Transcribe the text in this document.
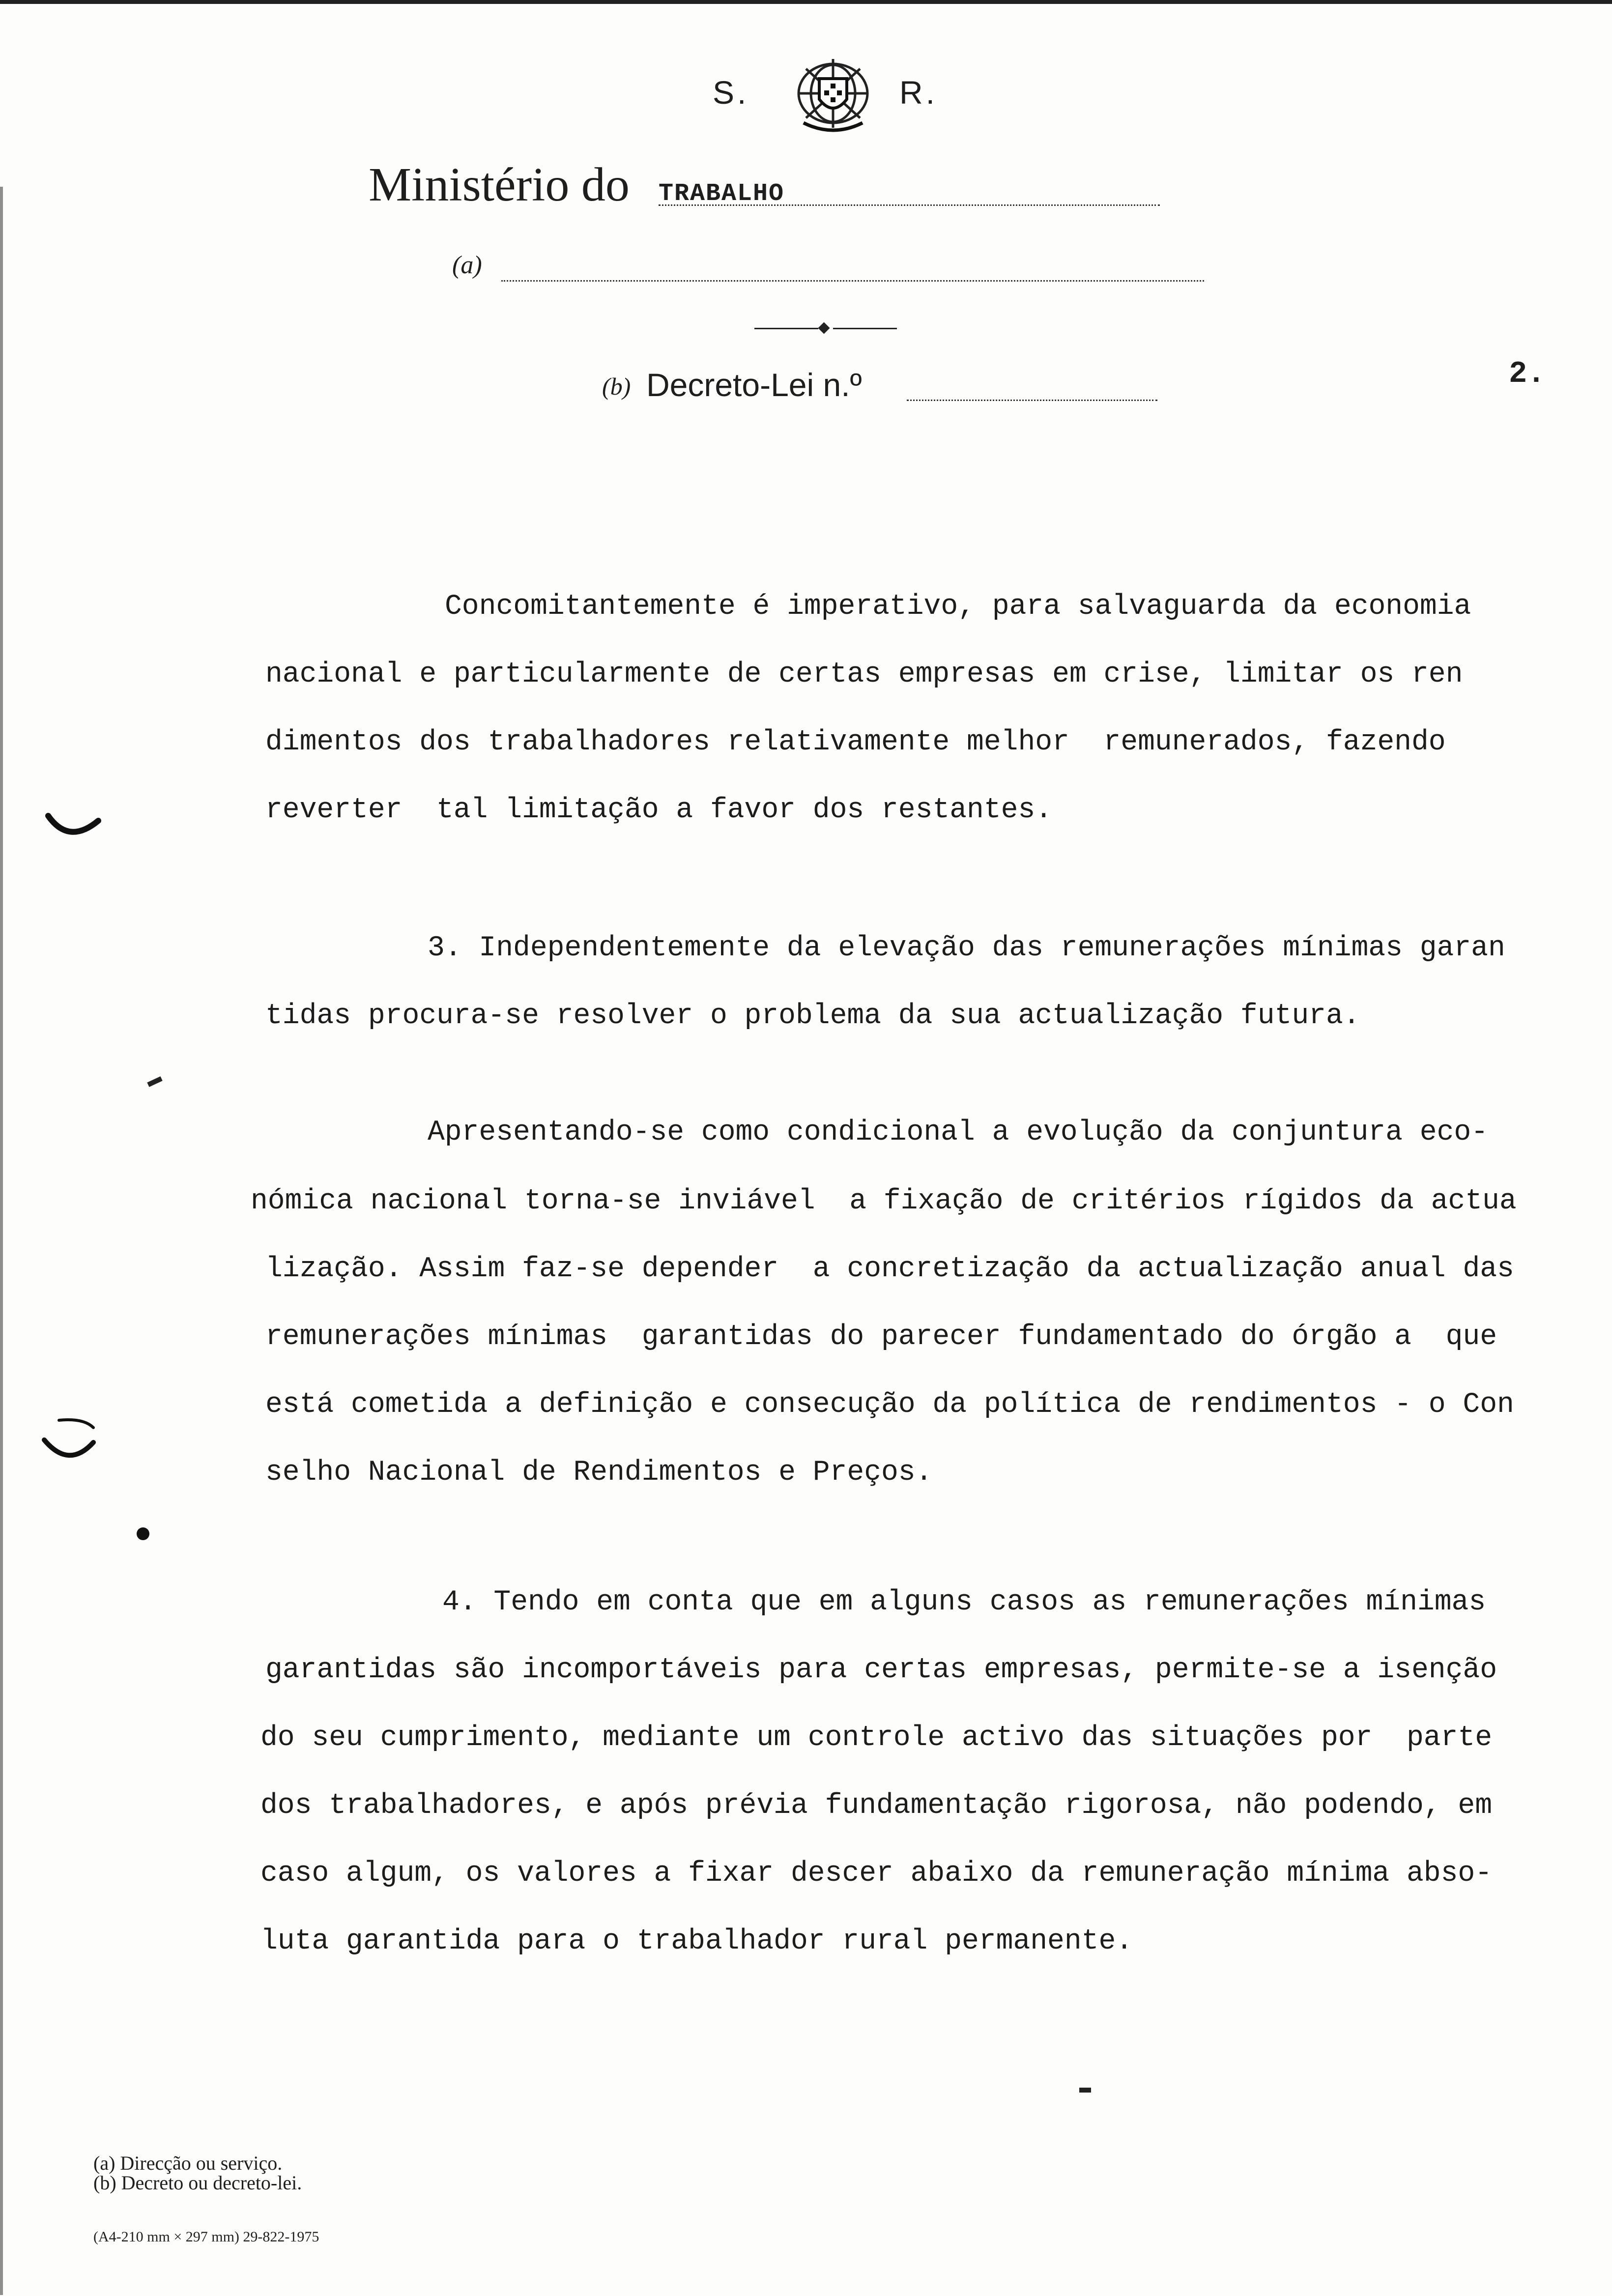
S.	R.
Ministério do TRABALHO
(a)
(b) Decreto-Lei n.º	2.
Concomitantemente é imperativo, para salvaguarda da economia
nacional e particularmente de certas empresas em crise, limitar os ren
dimentos dos trabalhadores relativamente melhor  remunerados, fazendo
reverter  tal limitação a favor dos restantes.
3. Independentemente da elevação das remunerações mínimas garan
tidas procura-se resolver o problema da sua actualização futura.
Apresentando-se como condicional a evolução da conjuntura eco-
nómica nacional torna-se inviável  a fixação de critérios rígidos da actua
lização. Assim faz-se depender  a concretização da actualização anual das
remunerações mínimas  garantidas do parecer fundamentado do órgão a  que
está cometida a definição e consecução da política de rendimentos - o Con
selho Nacional de Rendimentos e Preços.
4. Tendo em conta que em alguns casos as remunerações mínimas
garantidas são incomportáveis para certas empresas, permite-se a isenção
do seu cumprimento, mediante um controle activo das situações por  parte
dos trabalhadores, e após prévia fundamentação rigorosa, não podendo, em
caso algum, os valores a fixar descer abaixo da remuneração mínima abso-
luta garantida para o trabalhador rural permanente.
(a) Direcção ou serviço.
(b) Decreto ou decreto-lei.
(A4-210 mm × 297 mm) 29-822-1975
